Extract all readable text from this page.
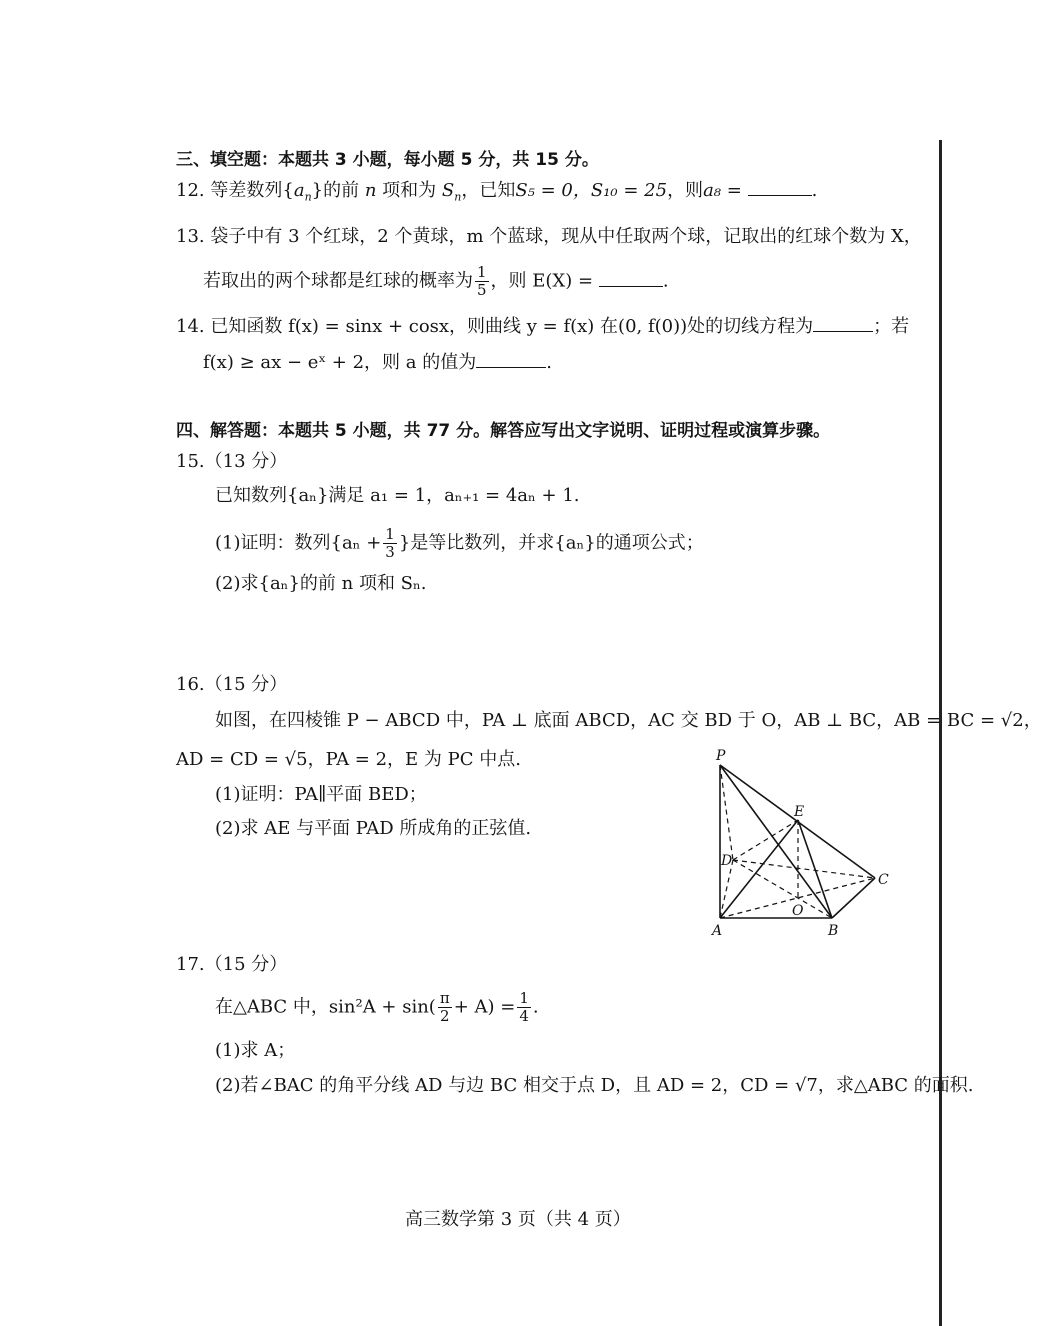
三、填空题：本题共 3 小题，每小题 5 分，共 15 分。
12. 等差数列$\{a_n\}$的前 n 项和为 $S_n$，已知S₅ = 0，S₁₀ = 25，则a₈ =	.
13. 袋子中有 3 个红球，2 个黄球，m 个蓝球，现从中任取两个球，记取出的红球个数为 X，
若取出的两个球都是红球的概率为 $\frac{1}{5}$ ，则 E(X) =	.
14. 已知函数 f(x) = sinx + cosx，则曲线 y = f(x) 在(0, f(0))处的切线方程为	；若
f(x) ≥ ax − eˣ + 2，则 a 的值为	.
四、解答题：本题共 5 小题，共 77 分。解答应写出文字说明、证明过程或演算步骤。
15.（13 分）
已知数列{aₙ}满足 a₁ = 1，aₙ₊₁ = 4aₙ + 1.
(1)证明：数列{$a_n + \frac{1}{3}$ }是等比数列，并求{aₙ}的通项公式；
(2)求{aₙ}的前 n 项和 Sₙ.
16.（15 分）
如图，在四棱锥 P − ABCD 中，PA ⊥ 底面 ABCD，AC 交 BD 于 O，AB ⊥ BC，AB = BC = √2，
AD = CD = √5，PA = 2，E 为 PC 中点.
(1)证明：PA∥平面 BED；
(2)求 AE 与平面 PAD 所成角的正弦值.
P
A	B
C
D
E
O
17.（15 分）
在△ABC 中，$\sin^2A + \sin( \frac{\pi}{2} + A) = \frac{1}{4}$ .
(1)求 A；
(2)若∠BAC 的角平分线 AD 与边 BC 相交于点 D，且 AD = 2，CD = √7，求△ABC 的面积.
高三数学第 3 页（共 4 页）
